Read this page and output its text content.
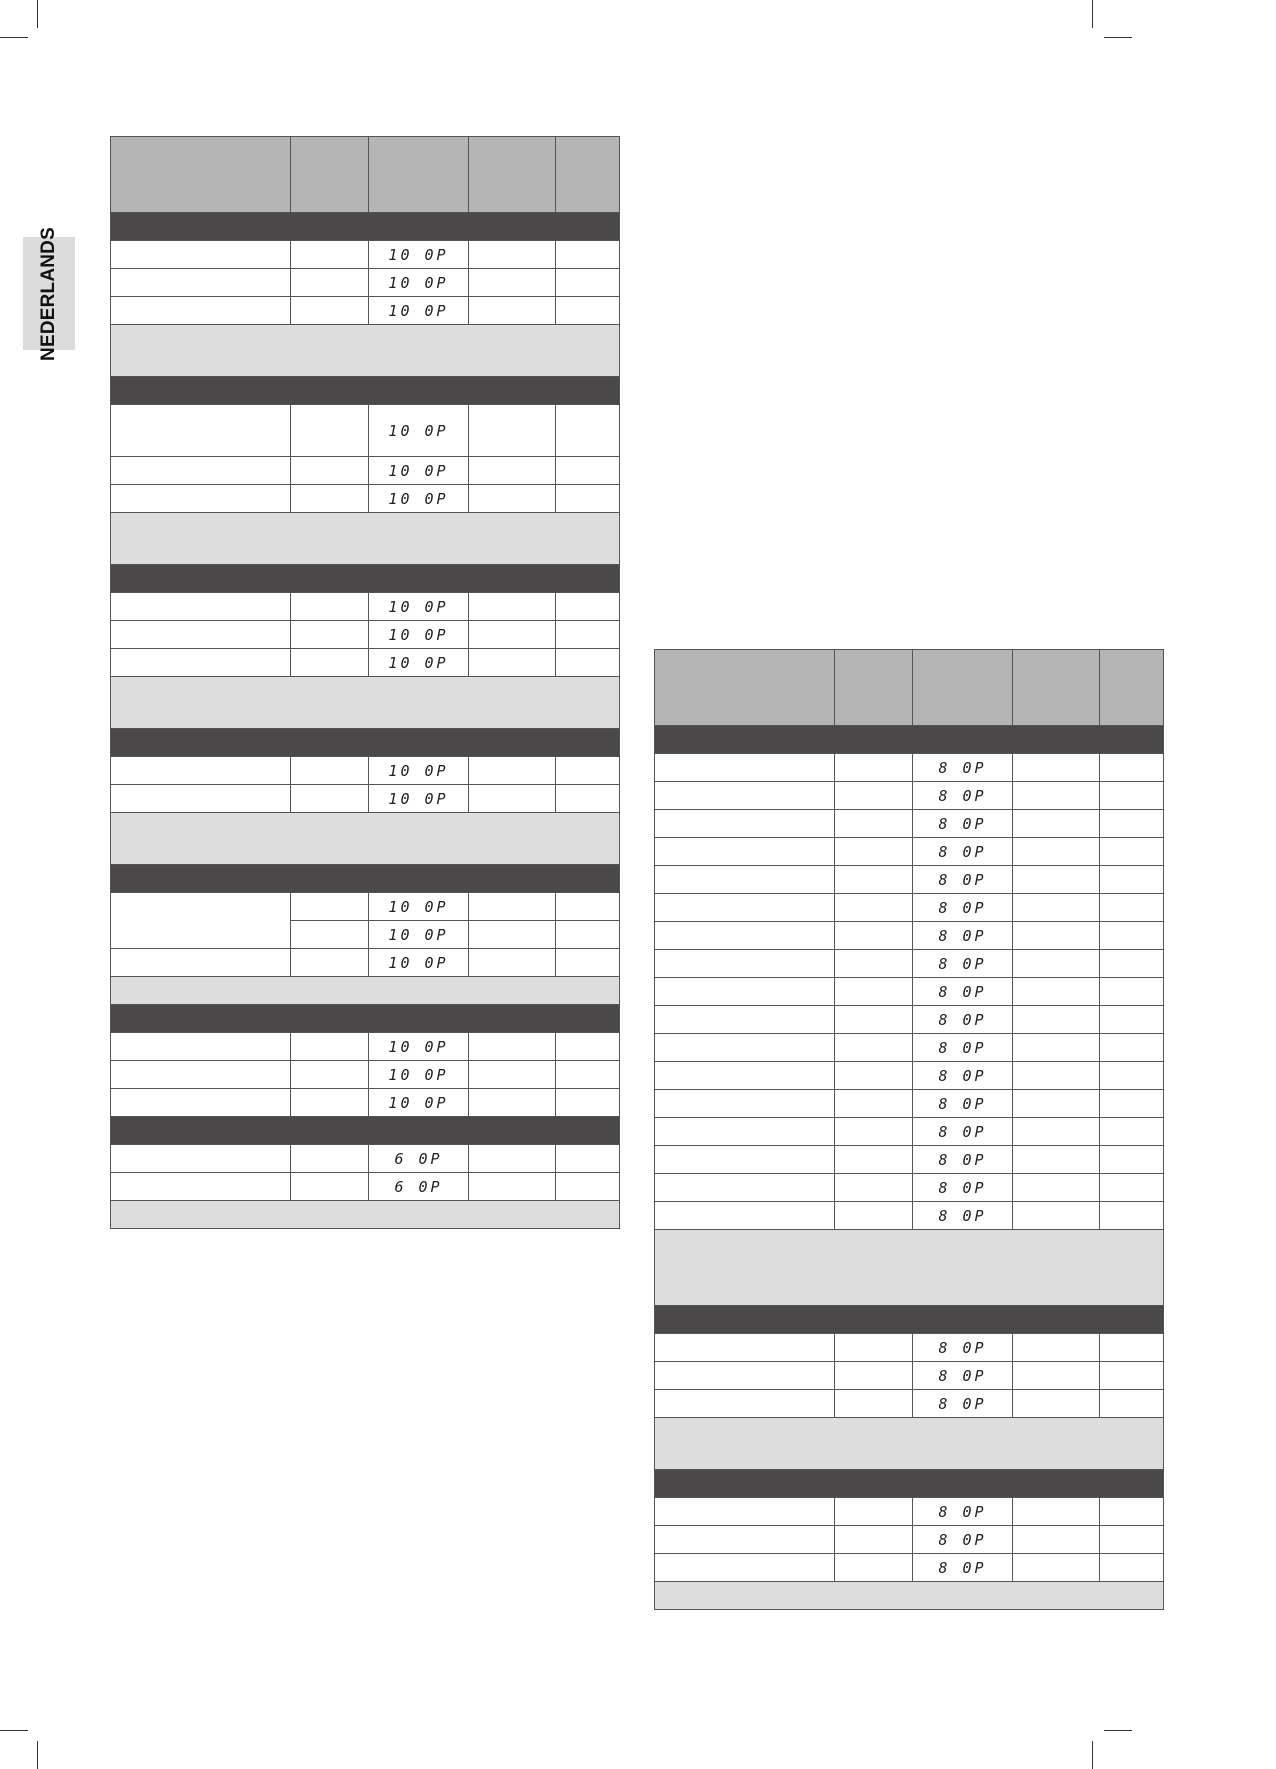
NEDERLANDS

			10 0P		
		10 0P		
		10 0P		

		10 0P		
		10 0P		
		10 0P		

		10 0P		
		10 0P		
		10 0P		

		10 0P		
		10 0P		

		10 0P		
		10 0P		
		10 0P		

		10 0P		
		10 0P		
		10 0P		

		6 0P		
		6 0P		

		8 0P		
		8 0P		
		8 0P		
		8 0P		
		8 0P		
		8 0P		
		8 0P		
		8 0P		
		8 0P		
		8 0P		
		8 0P		
		8 0P		
		8 0P		
		8 0P		
		8 0P		
		8 0P		
		8 0P		

		8 0P		
		8 0P		
		8 0P		

		8 0P		
		8 0P		
		8 0P		
